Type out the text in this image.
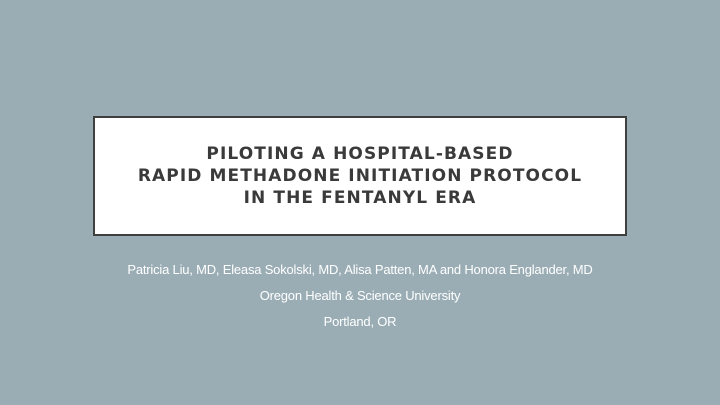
PILOTING A HOSPITAL-BASED
RAPID METHADONE INITIATION PROTOCOL
IN THE FENTANYL ERA
Patricia Liu, MD, Eleasa Sokolski, MD, Alisa Patten, MA and Honora Englander, MD
Oregon Health & Science University
Portland, OR
